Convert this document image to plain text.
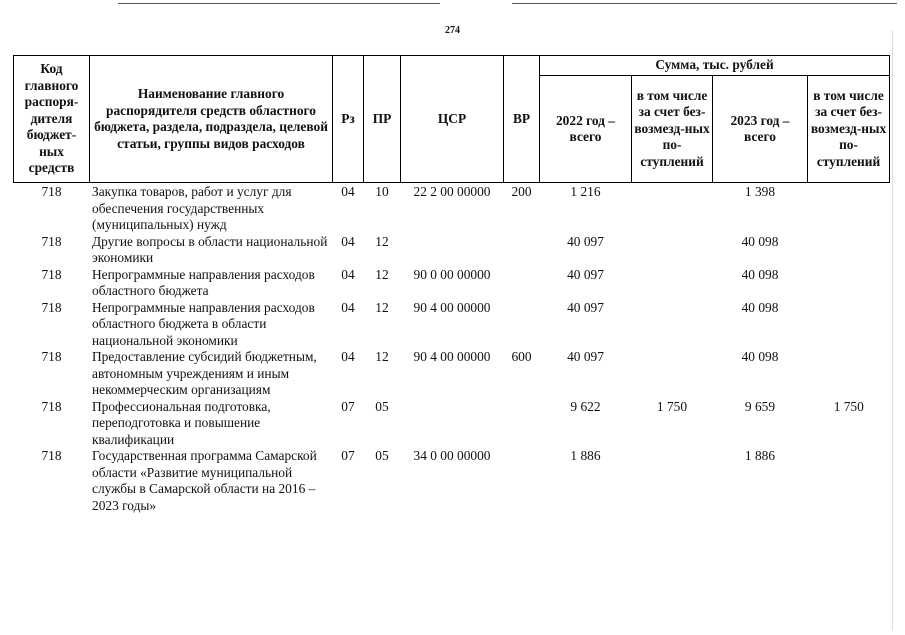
274
Код главного распоря-дителя бюджет-ных средств	Наименование главного распорядителя средств областного бюджета, раздела, подраздела, целевой статьи, группы видов расходов	Рз	ПР	ЦСР	ВР	Сумма, тыс. рублей			
						2022 год – всего	в том числе за счет без-возмезд-ных по-ступлений	2023 год – всего	в том числе за счет без-возмезд-ных по-ступлений
718	Закупка товаров, работ и услуг для обеспечения государственных (муниципальных) нужд	04	10	22 2 00 00000	200	1 216		1 398	
718	Другие вопросы в области национальной экономики	04	12			40 097		40 098	
718	Непрограммные направления расходов областного бюджета	04	12	90 0 00 00000		40 097		40 098	
718	Непрограммные направления расходов областного бюджета в области национальной экономики	04	12	90 4 00 00000		40 097		40 098	
718	Предоставление субсидий бюджетным, автономным учреждениям и иным некоммерческим организациям	04	12	90 4 00 00000	600	40 097		40 098	
718	Профессиональная подготовка, переподготовка и повышение квалификации	07	05			9 622	1 750	9 659	1 750
718	Государственная программа Самарской области «Развитие муниципальной службы в Самарской области на 2016 – 2023 годы»	07	05	34 0 00 00000		1 886		1 886	
